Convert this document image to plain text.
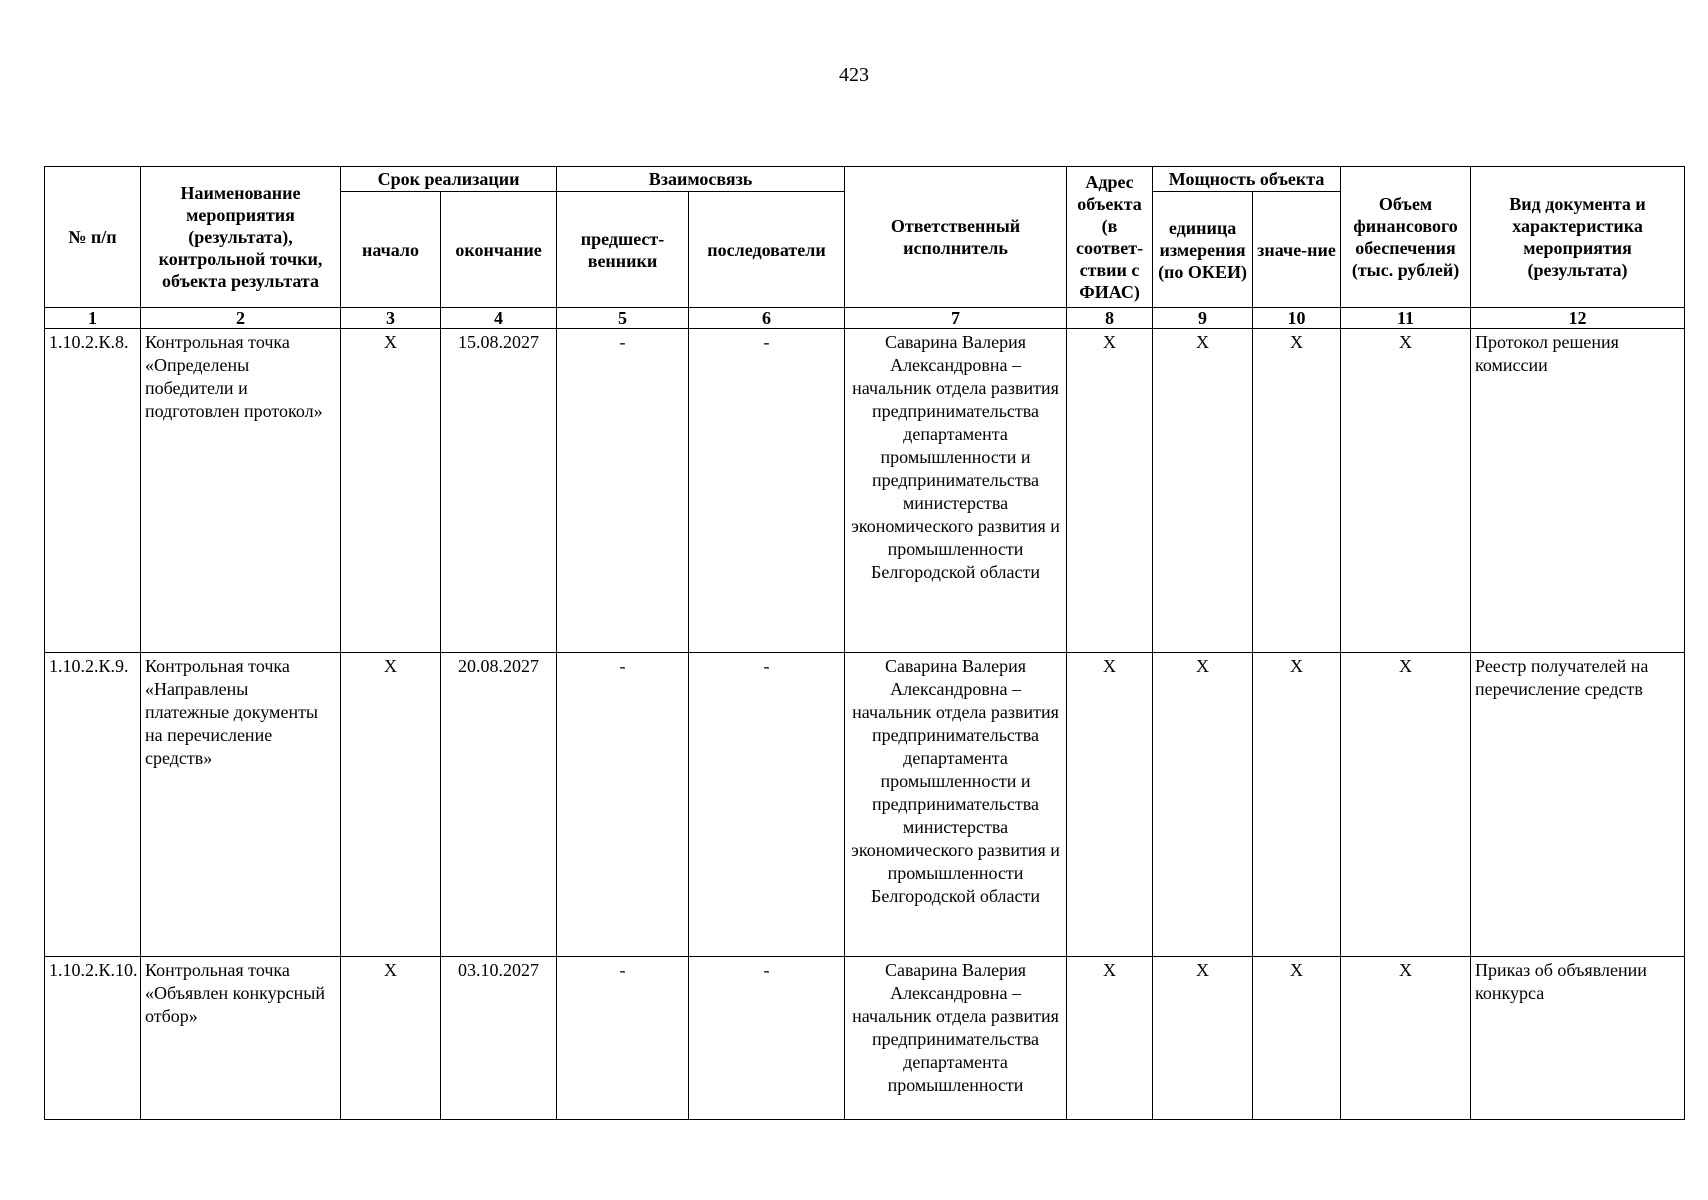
423
№ п/п	Наименование мероприятия (результата), контрольной точки, объекта результата	Срок реализации		Взаимосвязь		Ответственный исполнитель	Адрес объекта (в соответ-ствии с ФИАС)	Мощность объекта		Объем финансового обеспечения (тыс. рублей)	Вид документа и характеристика мероприятия (результата)
		начало	окончание	предшест-венники	последователи			единица измерения (по ОКЕИ)	значе-ние		
1	2	3	4	5	6	7	8	9	10	11	12
1.10.2.К.8.	Контрольная точка «Определены победители и подготовлен протокол»	X	15.08.2027	-	-	Саварина Валерия Александровна – начальник отдела развития предпринимательства департамента промышленности и предпринимательства министерства экономического развития и промышленности Белгородской области	X	X	X	X	Протокол решения комиссии
1.10.2.К.9.	Контрольная точка «Направлены платежные документы на перечисление средств»	X	20.08.2027	-	-	Саварина Валерия Александровна – начальник отдела развития предпринимательства департамента промышленности и предпринимательства министерства экономического развития и промышленности Белгородской области	X	X	X	X	Реестр получателей на перечисление средств
1.10.2.К.10.	Контрольная точка «Объявлен конкурсный отбор»	X	03.10.2027	-	-	Саварина Валерия Александровна – начальник отдела развития предпринимательства департамента промышленности	X	X	X	X	Приказ об объявлении конкурса
